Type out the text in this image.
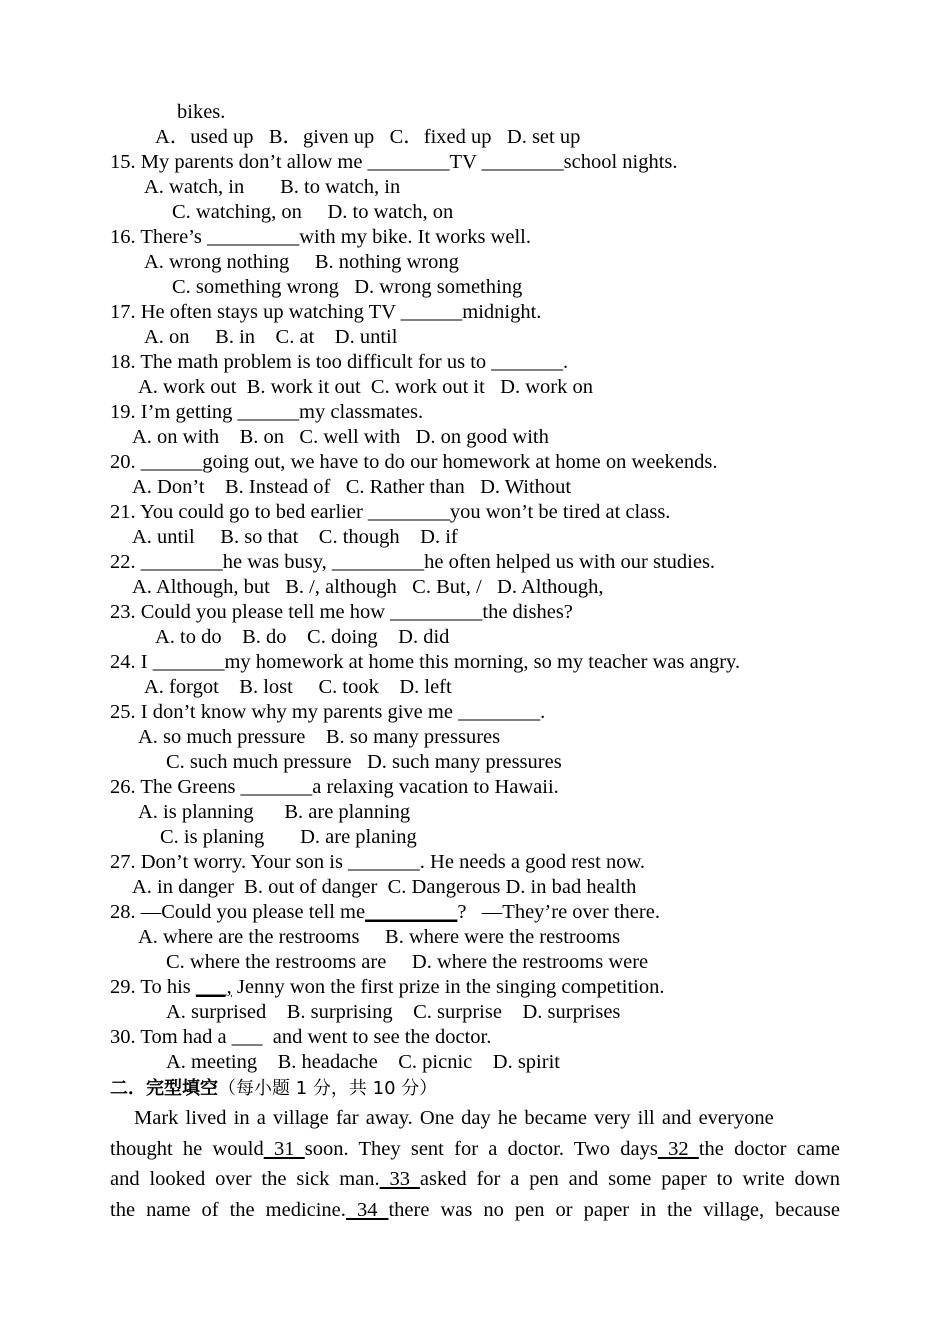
bikes.
A．used up   B．given up   C．fixed up   D. set up
15. My parents don’t allow me ________TV ________school nights.
A. watch, in       B. to watch, in
C. watching, on     D. to watch, on
16. There’s _________with my bike. It works well.
A. wrong nothing     B. nothing wrong
C. something wrong   D. wrong something
17. He often stays up watching TV ______midnight.
A. on     B. in    C. at    D. until
18. The math problem is too difficult for us to _______.
A. work out  B. work it out  C. work out it   D. work on
19. I’m getting ______my classmates.
A. on with    B. on   C. well with   D. on good with
20. ______going out, we have to do our homework at home on weekends.
A. Don’t    B. Instead of   C. Rather than   D. Without
21. You could go to bed earlier ________you won’t be tired at class.
A. until     B. so that    C. though    D. if
22. ________he was busy, _________he often helped us with our studies.
A. Although, but   B. /, although   C. But, /   D. Although,
23. Could you please tell me how _________the dishes?
A. to do    B. do    C. doing    D. did
24. I _______my homework at home this morning, so my teacher was angry.
A. forgot    B. lost     C. took    D. left
25. I don’t know why my parents give me ________.
A. so much pressure    B. so many pressures
C. such much pressure   D. such many pressures
26. The Greens _______a relaxing vacation to Hawaii.
A. is planning      B. are planning
C. is planing       D. are planing
27. Don’t worry. Your son is _______. He needs a good rest now.
A. in danger  B. out of danger  C. Dangerous D. in bad health
28. —Could you please tell me_________?   —They’re over there.
A. where are the restrooms     B. where were the restrooms
C. where the restrooms are     D. where the restrooms were
29. To his ___, Jenny won the first prize in the singing competition.
A. surprised    B. surprising    C. surprise    D. surprises
30. Tom had a ___  and went to see the doctor.
A. meeting    B. headache    C. picnic    D. spirit
二．完型填空（每小题 1 分，共 10 分）
Mark lived in a village far away. One day he became very ill and everyone
thought he would 31 soon. They sent for a doctor. Two days 32 the doctor came
and looked over the sick man. 33 asked for a pen and some paper to write down
the name of the medicine. 34 there was no pen or paper in the village, because
